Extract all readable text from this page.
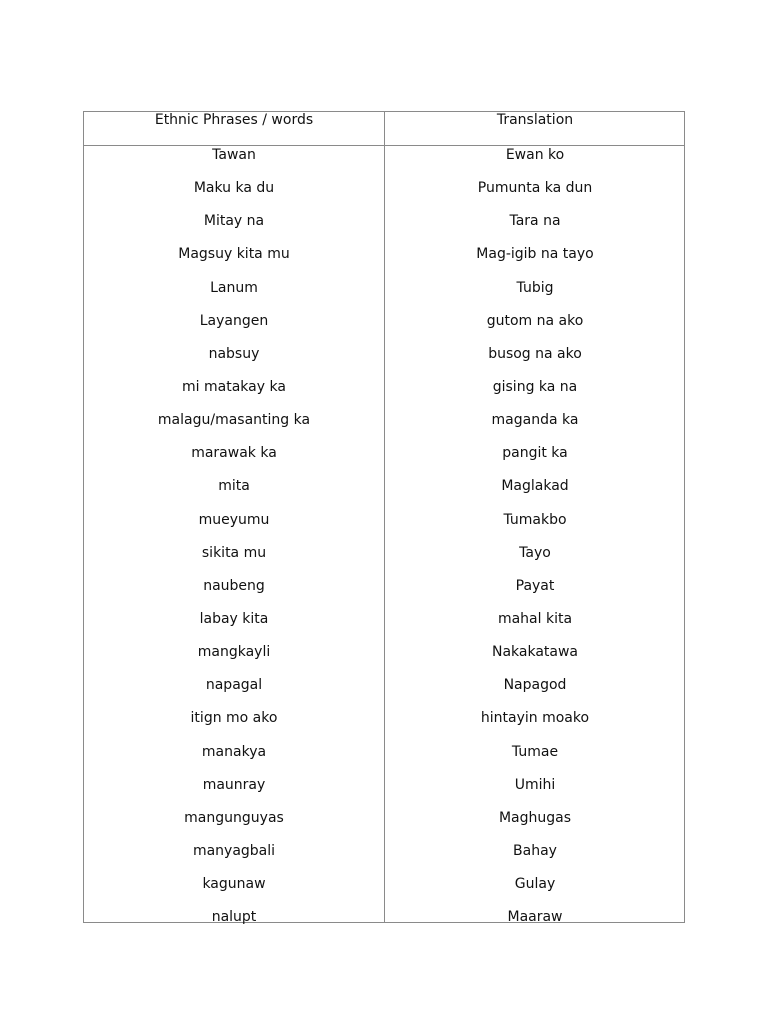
Ethnic Phrases / words	Translation
Tawan	Ewan ko
Maku ka du	Pumunta ka dun
Mitay na	Tara na
Magsuy kita mu	Mag-igib na tayo
Lanum	Tubig
Layangen	gutom na ako
nabsuy	busog na ako
mi matakay ka	gising ka na
malagu/masanting ka	maganda ka
marawak ka	pangit ka
mita	Maglakad
mueyumu	Tumakbo
sikita mu	Tayo
naubeng	Payat
labay kita	mahal kita
mangkayli	Nakakatawa
napagal	Napagod
itign mo ako	hintayin moako
manakya	Tumae
maunray	Umihi
mangunguyas	Maghugas
manyagbali	Bahay
kagunaw	Gulay
nalupt	Maaraw
